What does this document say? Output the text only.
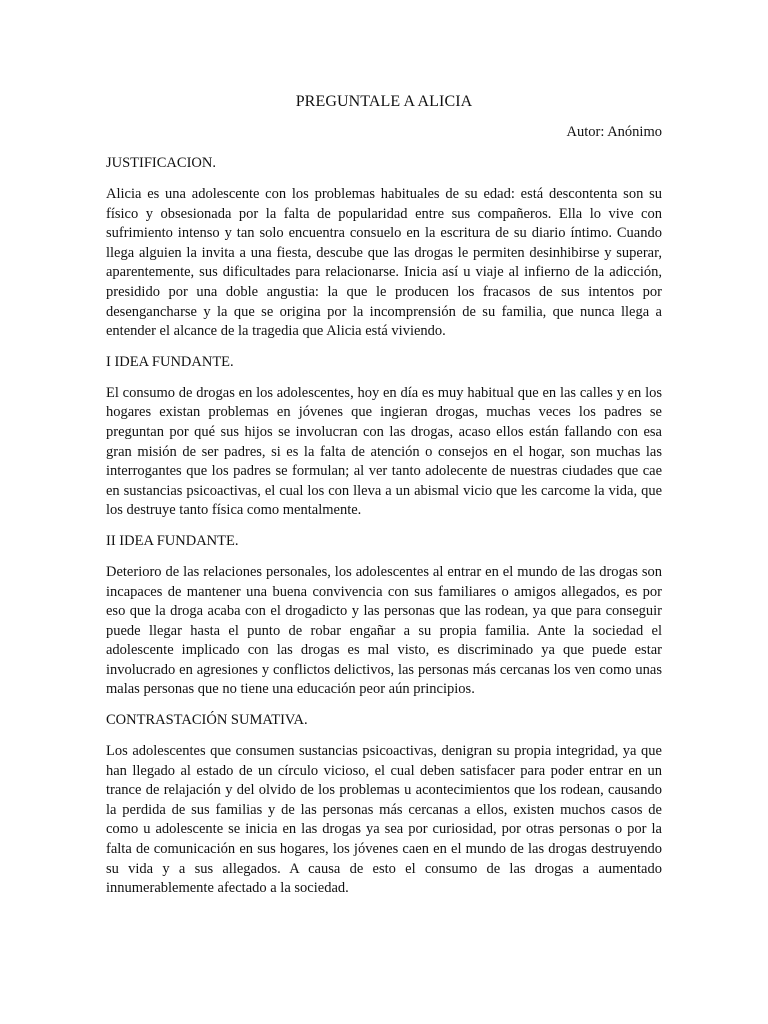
PREGUNTALE A ALICIA
Autor: Anónimo
JUSTIFICACION.
Alicia es una adolescente con los problemas habituales de su edad: está descontenta son su físico y obsesionada por la falta de popularidad entre sus compañeros. Ella lo vive con sufrimiento intenso y tan solo encuentra consuelo en la escritura de su diario íntimo. Cuando llega alguien la invita a una fiesta, descube que las drogas le permiten desinhibirse y superar, aparentemente, sus dificultades para relacionarse. Inicia así u viaje al infierno de la adicción, presidido por una doble angustia: la que le producen los fracasos de sus intentos por desengancharse y la que se origina por la incomprensión de su familia, que nunca llega a entender el alcance de la tragedia que Alicia está viviendo.
I IDEA FUNDANTE.
El consumo de drogas en los adolescentes, hoy en día es muy habitual que en las calles y en los hogares existan problemas en jóvenes que ingieran drogas, muchas veces los padres se preguntan por qué sus hijos se involucran con las drogas, acaso ellos están fallando con esa gran misión de ser padres, si es la falta de atención o consejos en el hogar, son muchas las interrogantes que los padres se formulan; al ver tanto adolecente de nuestras ciudades que cae en sustancias psicoactivas, el cual los con lleva a un abismal vicio que les carcome la vida, que los destruye tanto física como mentalmente.
II IDEA FUNDANTE.
Deterioro de las relaciones personales, los adolescentes al entrar en el mundo de las drogas son incapaces de mantener una buena convivencia con sus familiares o amigos allegados, es por eso que la droga acaba con el drogadicto y las personas que las rodean, ya que para conseguir puede llegar hasta el punto de robar engañar a su propia familia. Ante la sociedad el adolescente implicado con las drogas es mal visto, es discriminado ya que puede estar involucrado en agresiones y conflictos delictivos, las personas más cercanas los ven como unas malas personas que no tiene una educación peor aún principios.
CONTRASTACIÓN SUMATIVA.
Los adolescentes que consumen sustancias psicoactivas, denigran su propia integridad, ya que han llegado al estado de un círculo vicioso, el cual deben satisfacer para poder entrar en un trance de relajación y del olvido de los problemas u acontecimientos que los rodean, causando la perdida de sus familias y de las personas más cercanas a ellos, existen muchos casos de como u adolescente se inicia en las drogas ya sea por curiosidad, por otras personas o por la falta de comunicación en sus hogares, los jóvenes caen en el mundo de las drogas destruyendo su vida y a sus allegados. A causa de esto el consumo de las drogas a aumentado innumerablemente afectado a la sociedad.
